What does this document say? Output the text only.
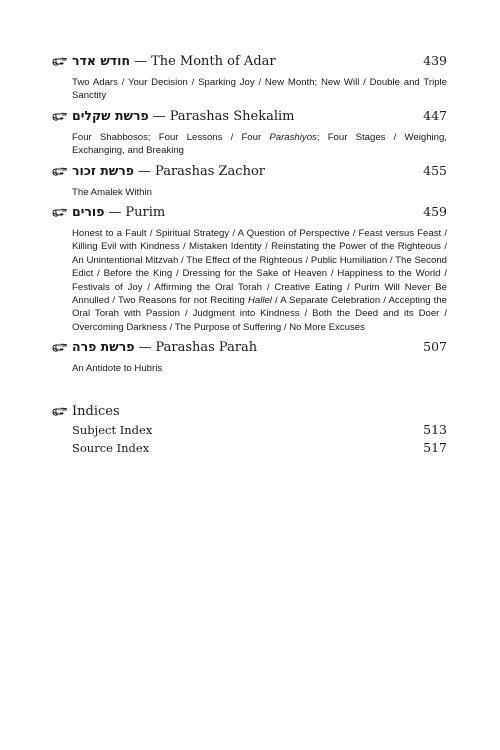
חודש אדר — The Month of Adar	439
Two Adars / Your Decision / Sparking Joy / New Month; New Will / Double and Triple Sanctity
פרשת שקלים — Parashas Shekalim	447
Four Shabbosos; Four Lessons / Four Parashiyos; Four Stages / Weighing, Exchanging, and Breaking
פרשת זכור — Parashas Zachor	455
The Amalek Within
פורים — Purim	459
Honest to a Fault / Spiritual Strategy / A Question of Perspective / Feast versus Feast / Killing Evil with Kindness / Mistaken Identity / Reinstating the Power of the Righteous / An Unintentional Mitzvah / The Effect of the Righteous / Public Humiliation / The Second Edict / Before the King / Dressing for the Sake of Heaven / Happiness to the World / Festivals of Joy / Affirming the Oral Torah / Creative Eating / Purim Will Never Be Annulled / Two Reasons for not Reciting Hallel / A Separate Celebration / Accepting the Oral Torah with Passion / Judgment into Kindness / Both the Deed and its Doer / Overcoming Darkness / The Purpose of Suffering / No More Excuses
פרשת פרה — Parashas Parah	507
An Antidote to Hubris
Indices
Subject Index	513
Source Index	517
